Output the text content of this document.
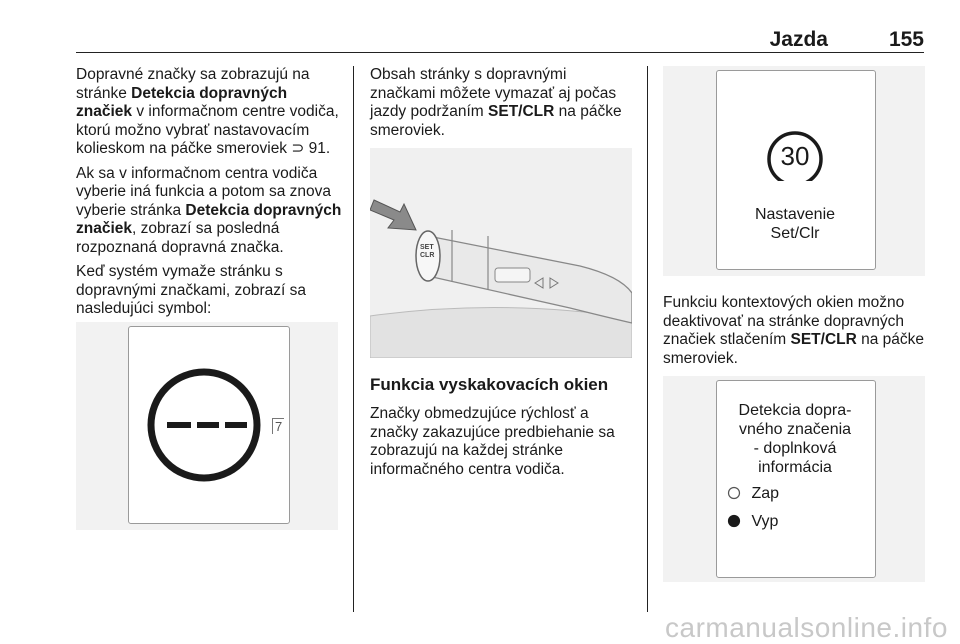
Jazda	155

Dopravné značky sa zobrazujú na stránke Detekcia dopravných značiek v informačnom centre vodiča, ktorú možno vybrať nastavovacím kolieskom na páčke smeroviek ⊃ 91.

Ak sa v informačnom centra vodiča vyberie iná funkcia a potom sa znova vyberie stránka Detekcia dopravných značiek, zobrazí sa posledná rozpoznaná dopravná značka.

Keď systém vymaže stránku s dopravnými značkami, zobrazí sa nasledujúci symbol:

7

Obsah stránky s dopravnými značkami môžete vymazať aj počas jazdy podržaním SET/CLR na páčke smeroviek.

SET
CLR
Funkcia vyskakovacích okien

Značky obmedzujúce rýchlosť a značky zakazujúce predbiehanie sa zobrazujú na každej stránke informačného centra vodiča.

30
Nastavenie
Set/Clr

Funkciu kontextových okien možno deaktivovať na stránke dopravných značiek stlačením SET/CLR na páčke smeroviek.

Detekcia dopra-
vného značenia
- doplnková
informácia
Zap
Vyp
carmanualsonline.info
